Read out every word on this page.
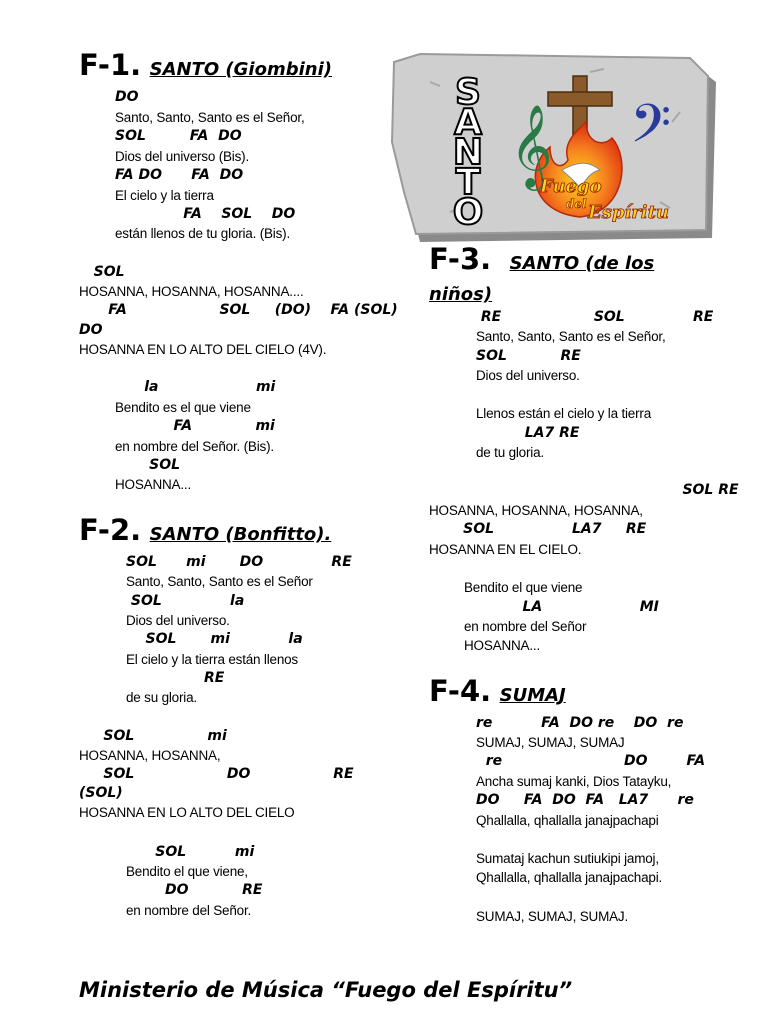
F-1. SANTO (Giombini)
F-2. SANTO (Bonfitto).
F-3. SANTO (de los niños)
F-4. SUMAJ
S
A
N
T
O
𝄞 𝄢
Fuego
del Espíritu
Ministerio de Música “Fuego del Espíritu”
DO
Santo, Santo, Santo es el Señor,
SOL         FA  DO
Dios del universo (Bis).
FA DO      FA  DO
El cielo y la tierra
FA    SOL    DO
están llenos de tu gloria. (Bis).
SOL
HOSANNA, HOSANNA, HOSANNA....
FA                   SOL     (DO)    FA (SOL)
DO
HOSANNA EN LO ALTO DEL CIELO (4V).
la                    mi
Bendito es el que viene
FA             mi
en nombre del Señor. (Bis).
SOL
HOSANNA...
SOL      mi       DO              RE
Santo, Santo, Santo es el Señor
SOL              la
Dios del universo.
SOL       mi            la
El cielo y la tierra están llenos
RE
de su gloria.
SOL               mi
HOSANNA, HOSANNA,
SOL                   DO                 RE
(SOL)
HOSANNA EN LO ALTO DEL CIELO
SOL          mi
Bendito el que viene,
DO           RE
en nombre del Señor.
RE                   SOL              RE
Santo, Santo, Santo es el Señor,
SOL           RE
Dios del universo.
Llenos están el cielo y la tierra
LA7 RE
de tu gloria.
SOL RE
HOSANNA, HOSANNA, HOSANNA,
SOL                LA7     RE
HOSANNA EN EL CIELO.
Bendito el que viene
LA                    MI
en nombre del Señor
HOSANNA...
re          FA  DO re    DO  re
SUMAJ, SUMAJ, SUMAJ
re                         DO        FA
Ancha sumaj kanki, Dios Tatayku,
DO     FA  DO  FA   LA7      re
Qhallalla, qhallalla janajpachapi
Sumataj kachun sutiukipi jamoj,
Qhallalla, qhallalla janajpachapi.
SUMAJ, SUMAJ, SUMAJ.
